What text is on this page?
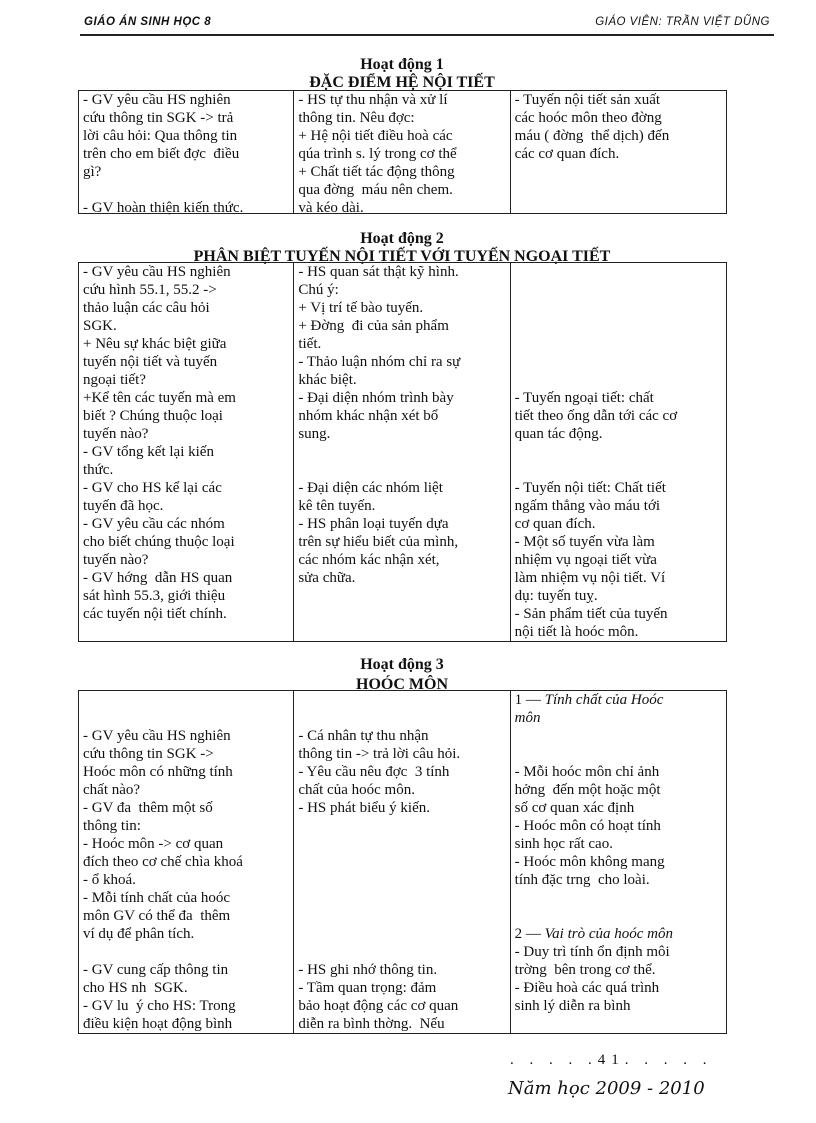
GIÁO ÁN SINH HỌC 8	GIÁO VIÊN: TRẦN VIỆT DŨNG
Hoạt động 1
ĐẶC ĐIỂM HỆ NỘI TIẾT
- GV yêu cầu HS nghiên
cứu thông tin SGK -> trả
lời câu hỏi: Qua thông tin
trên cho em biết đợc  điều
gì?

- GV hoàn thiện kiến thức.
- HS tự thu nhận và xử lí
thông tin. Nêu đợc:
+ Hệ nội tiết điều hoà các
qúa trình s. lý trong cơ thể
+ Chất tiết tác động thông
qua đờng  máu nên chem.
và kéo dài.
- Tuyến nội tiết sản xuất
các hoóc môn theo đờng
máu ( đờng  thể dịch) đến
các cơ quan đích.
Hoạt động 2
PHÂN BIỆT TUYẾN NỘI TIẾT VỚI TUYẾN NGOẠI TIẾT
- GV yêu cầu HS nghiên
cứu hình 55.1, 55.2 ->
thảo luận các câu hỏi
SGK.
+ Nêu sự khác biệt giữa
tuyến nội tiết và tuyến
ngoại tiết?
+Kể tên các tuyến mà em
biết ? Chúng thuộc loại
tuyến nào?
- GV tổng kết lại kiến
thức.
- GV cho HS kể lại các
tuyến đã học.
- GV yêu cầu các nhóm
cho biết chúng thuộc loại
tuyến nào?
- GV hớng  dẫn HS quan
sát hình 55.3, giới thiệu
các tuyến nội tiết chính.
- HS quan sát thật kỹ hình.
Chú ý:
+ Vị trí tế bào tuyến.
+ Đờng  đi của sản phẩm
tiết.
- Thảo luận nhóm chỉ ra sự
khác biệt.
- Đại diện nhóm trình bày
nhóm khác nhận xét bổ
sung.

- Đại diện các nhóm liệt
kê tên tuyến.
- HS phân loại tuyến dựa
trên sự hiểu biết của mình,
các nhóm kác nhận xét,
sửa chữa.

- Tuyến ngoại tiết: chất
tiết theo ống dẫn tới các cơ
quan tác động.

- Tuyến nội tiết: Chất tiết
ngấm thẳng vào máu tới
cơ quan đích.
- Một số tuyến vừa làm
nhiệm vụ ngoại tiết vừa
làm nhiệm vụ nội tiết. Ví
dụ: tuyến tuỵ.
- Sản phẩm tiết của tuyến
nội tiết là hoóc môn.
Hoạt động 3
HOÓC MÔN

- GV yêu cầu HS nghiên
cứu thông tin SGK ->
Hoóc môn có những tính
chất nào?
- GV đa  thêm một số
thông tin:
- Hoóc môn -> cơ quan
đích theo cơ chế chìa khoá
- ổ khoá.
- Mỗi tính chất của hoóc
môn GV có thể đa  thêm
ví dụ để phân tích.

- GV cung cấp thông tin
cho HS nh  SGK.
- GV lu  ý cho HS: Trong
điều kiện hoạt động bình

- Cá nhân tự thu nhận
thông tin -> trả lời câu hỏi.
- Yêu cầu nêu đợc  3 tính
chất của hoóc môn.
- HS phát biểu ý kiến.

- HS ghi nhớ thông tin.
- Tầm quan trọng: đảm
bảo hoạt động các cơ quan
diễn ra bình thờng.  Nếu
1 — Tính chất của Hoóc
môn

- Mỗi hoóc môn chỉ ảnh
hởng  đến một hoặc một
số cơ quan xác định
- Hoóc môn có hoạt tính
sinh học rất cao.
- Hoóc môn không mang
tính đặc trng  cho loài.

2 — Vai trò của hoóc môn
- Duy trì tính ổn định môi
trờng  bên trong cơ thể.
- Điều hoà các quá trình
sinh lý diễn ra bình
. . . . .41. . . . .
Năm học 2009 - 2010
